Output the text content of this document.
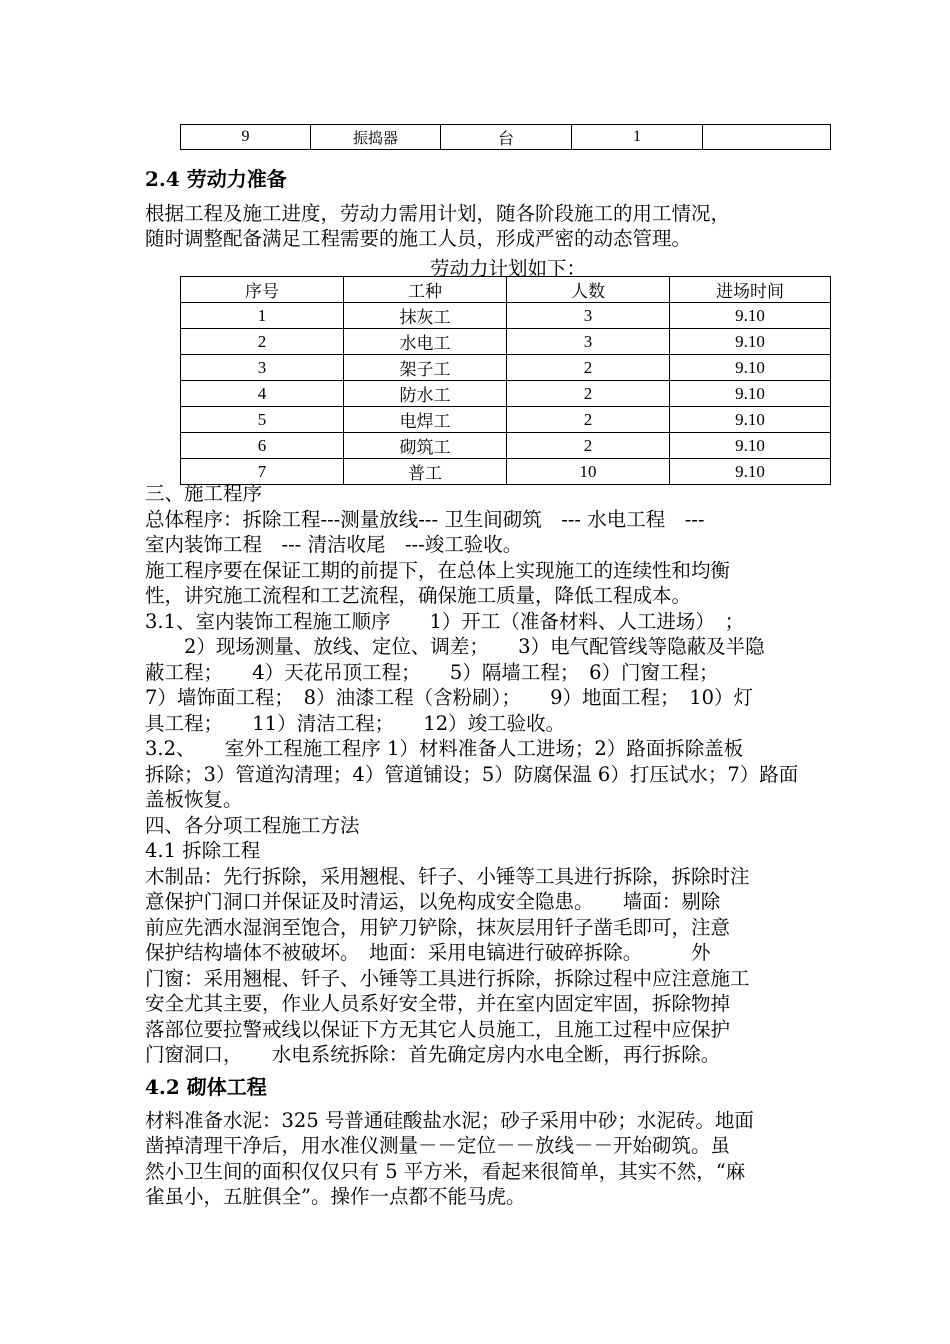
9	振捣器	台	1	
2.4 劳动力准备
根据工程及施工进度，劳动力需用计划，随各阶段施工的用工情况，
随时调整配备满足工程需要的施工人员，形成严密的动态管理。
劳动力计划如下：
序号	工种	人数	进场时间
1	抹灰工	3	9.10
2	水电工	3	9.10
3	架子工	2	9.10
4	防水工	2	9.10
5	电焊工	2	9.10
6	砌筑工	2	9.10
7	普工	10	9.10
三、施工程序
总体程序：拆除工程---测量放线--- 卫生间砌筑　--- 水电工程　---
室内装饰工程　--- 清洁收尾　---竣工验收。
施工程序要在保证工期的前提下，在总体上实现施工的连续性和均衡
性，讲究施工流程和工艺流程，确保施工质量，降低工程成本。
3.1、室内装饰工程施工顺序　　1）开工（准备材料、人工进场）　；
　　2）现场测量、放线、定位、调差；　　3）电气配管线等隐蔽及半隐
蔽工程；　　4）天花吊顶工程；　　5）隔墙工程；　6）门窗工程；
7）墙饰面工程；　8）油漆工程（含粉刷）；　　9）地面工程；　10）灯
具工程；　　11）清洁工程；　　12）竣工验收。
3.2、　　室外工程施工程序 1）材料准备人工进场；2）路面拆除盖板
拆除；3）管道沟清理；4）管道铺设；5）防腐保温 6）打压试水；7）路面
盖板恢复。
四、各分项工程施工方法
4.1 拆除工程
木制品：先行拆除，采用翘棍、钎子、小锤等工具进行拆除，拆除时注
意保护门洞口并保证及时清运，以免构成安全隐患。　　墙面：剔除
前应先洒水湿润至饱合，用铲刀铲除，抹灰层用钎子凿毛即可，注意
保护结构墙体不被破坏。　地面：采用电镐进行破碎拆除。　　　外
门窗：采用翘棍、钎子、小锤等工具进行拆除，拆除过程中应注意施工
安全尤其主要，作业人员系好安全带，并在室内固定牢固，拆除物掉
落部位要拉警戒线以保证下方无其它人员施工，且施工过程中应保护
门窗洞口，　　水电系统拆除：首先确定房内水电全断，再行拆除。
4.2 砌体工程
材料准备水泥：325 号普通硅酸盐水泥；砂子采用中砂；水泥砖。地面
凿掉清理干净后，用水准仪测量－－定位－－放线－－开始砌筑。虽
然小卫生间的面积仅仅只有 5 平方米，看起来很简单，其实不然，“麻
雀虽小，五脏俱全”。操作一点都不能马虎。
